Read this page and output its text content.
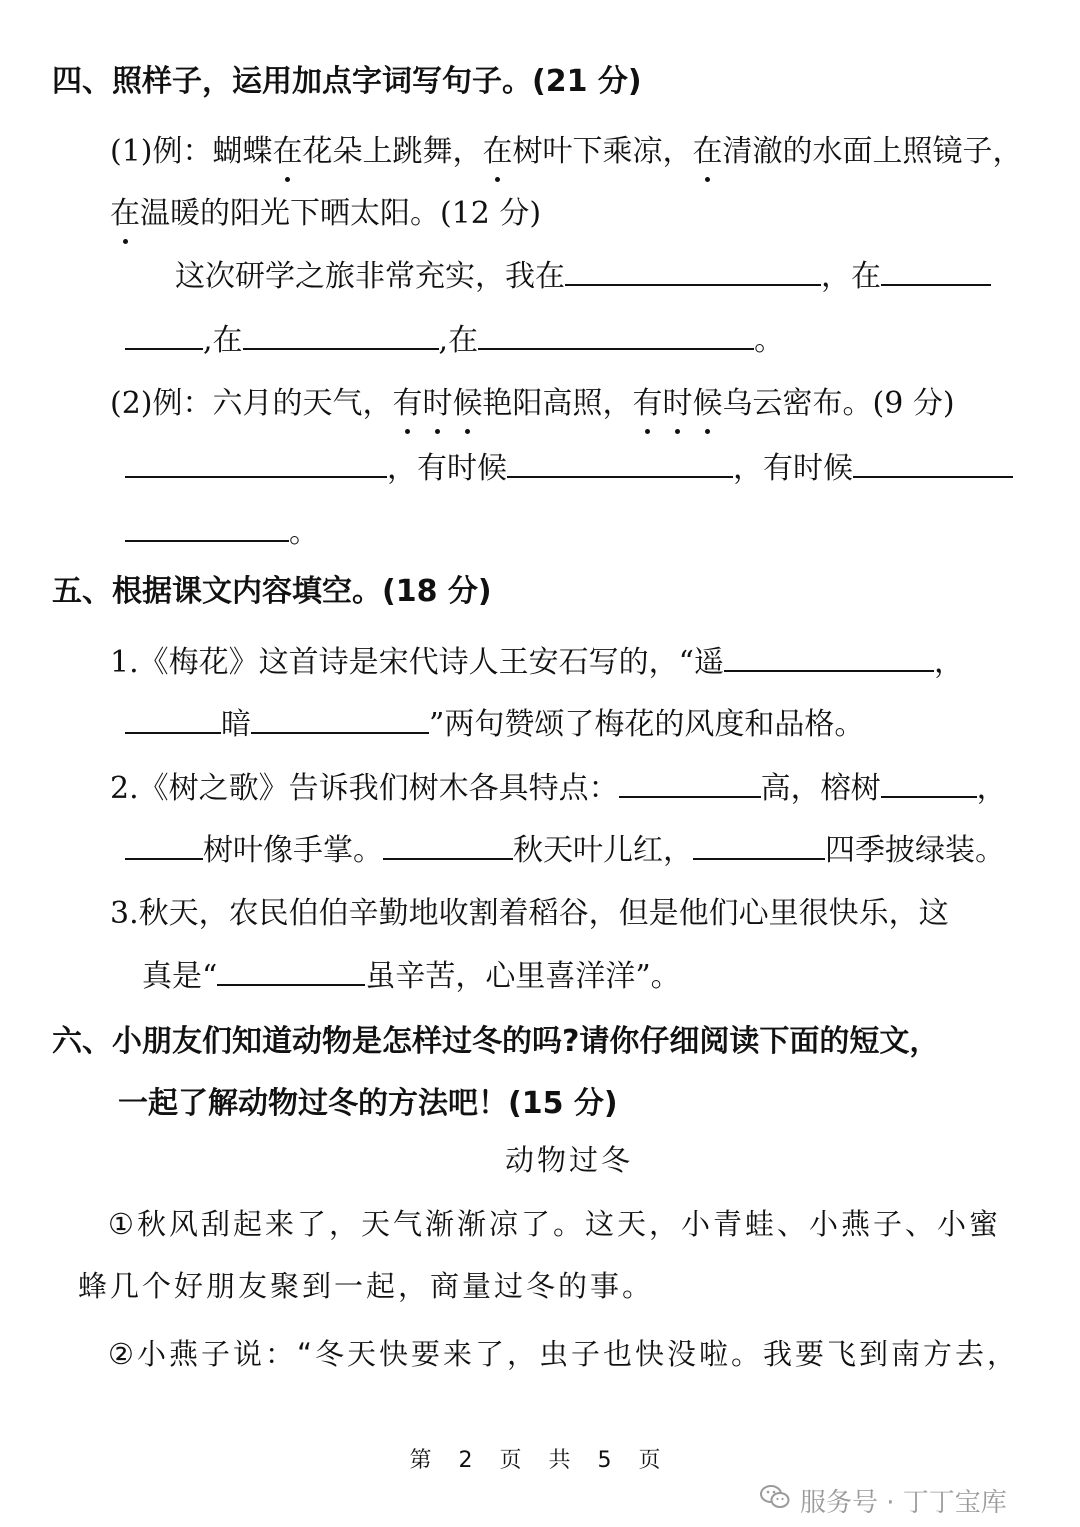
四、照样子，运用加点字词写句子。(21 分)
(1)例：蝴蝶在花朵上跳舞，在树叶下乘凉，在清澈的水面上照镜子，
在温暖的阳光下晒太阳。(12 分)
这次研学之旅非常充实，我在	，在
,在	,在	。
(2)例：六月的天气，有时候艳阳高照，有时候乌云密布。(9 分)
，有时候	，有时候
。
五、根据课文内容填空。(18 分)
1.《梅花》这首诗是宋代诗人王安石写的，“遥	，
暗	”两句赞颂了梅花的风度和品格。
2.《树之歌》告诉我们树木各具特点：	高，榕树	，
树叶像手掌。	秋天叶儿红，	四季披绿装。
3.秋天，农民伯伯辛勤地收割着稻谷，但是他们心里很快乐，这
真是“	虽辛苦，心里喜洋洋”。
六、小朋友们知道动物是怎样过冬的吗?请你仔细阅读下面的短文，
一起了解动物过冬的方法吧！(15 分)
动物过冬
①秋风刮起来了，天气渐渐凉了。这天，小青蛙、小燕子、小蜜
蜂几个好朋友聚到一起，商量过冬的事。
②小燕子说：“冬天快要来了，虫子也快没啦。我要飞到南方去，
第 2 页 共 5 页
服务号 · 丁丁宝库
